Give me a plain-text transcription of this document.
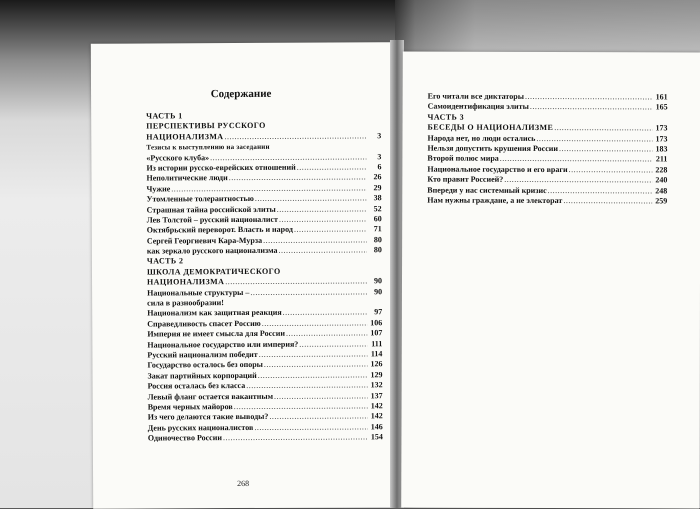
Содержание
ЧАСТЬ 1
ПЕРСПЕКТИВЫ РУССКОГО
НАЦИОНАЛИЗМА .....	3
Тезисы к выступлению на заседании
«Русского клуба» .....	3
Из истории русско-еврейских отношений .....	6
Неполитические люди .....	26
Чужие .....	29
Утомленные толерантностью .....	38
Страшная тайна российской элиты .....	52
Лев Толстой – русский националист .....	60
Октябрьский переворот. Власть и народ .....	71
Сергей Георгиевич Кара-Мурза .....	80
как зеркало русского национализма .....	80
ЧАСТЬ 2
ШКОЛА ДЕМОКРАТИЧЕСКОГО
НАЦИОНАЛИЗМА .....	90
Национальные структуры – .....	90
сила в разнообразии!
Национализм как защитная реакция .....	97
Справедливость спасет Россию .....	106
Империя не имеет смысла для России .....	107
Национальное государство или империя? .....	111
Русский национализм победит .....	114
Государство осталось без опоры .....	126
Закат партийных корпораций .....	129
Россия осталась без класса .....	132
Левый фланг остается вакантным .....	137
Время черных майоров .....	142
Из чего делаются такие выводы? .....	142
День русских националистов .....	146
Одиночество России .....	154
268
Его читали все диктаторы .....	161
Самоидентификация элиты .....	165
ЧАСТЬ 3
БЕСЕДЫ О НАЦИОНАЛИЗМЕ .....	173
Народа нет, но люди остались .....	173
Нельзя допустить крушения России .....	183
Второй полюс мира .....	211
Национальное государство и его враги .....	228
Кто правит Россией? .....	240
Впереди у нас системный кризис .....	248
Нам нужны граждане, а не электорат .....	259
